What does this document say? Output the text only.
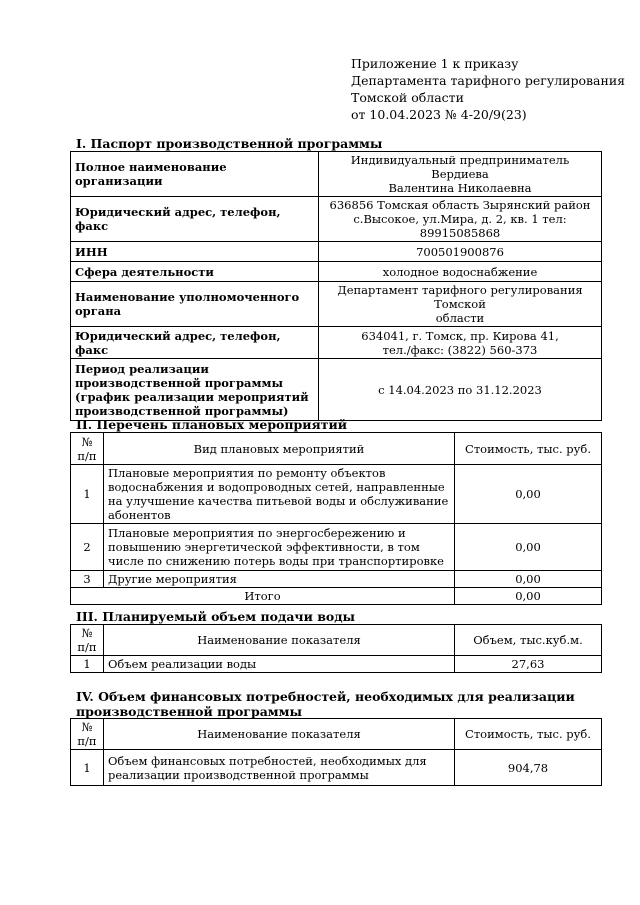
Приложение 1 к приказу
Департамента тарифного регулирования
Томской области
от 10.04.2023 № 4-20/9(23)
I. Паспорт производственной программы
Полное наименование организации	Индивидуальный предприниматель Вердиева
Валентина Николаевна

Юридический адрес, телефон, факс	636856 Томская область Зырянский район
с.Высокое, ул.Мира, д. 2, кв. 1 тел: 89915085868

ИНН	700501900876
Сфера деятельности	холодное водоснабжение
Наименование уполномоченного органа	Департамент тарифного регулирования Томской
области

Юридический адрес, телефон, факс	634041, г. Томск, пр. Кирова 41,
тел./факс: (3822) 560-373

Период реализации производственной программы (график реализации мероприятий производственной программы)	с 14.04.2023 по 31.12.2023
II. Перечень плановых мероприятий
№ п/п	Вид плановых мероприятий	Стоимость, тыс. руб.
1	Плановые мероприятия по ремонту объектов водоснабжения и водопроводных сетей, направленные на улучшение качества питьевой воды и обслуживание абонентов	0,00
2	Плановые мероприятия по энергосбережению и повышению энергетической эффективности, в том числе по снижению потерь воды при транспортировке	0,00
3	Другие мероприятия	0,00
Итого		0,00
III. Планируемый объем подачи воды
№ п/п	Наименование показателя	Объем, тыс.куб.м.
1	Объем реализации воды	27,63
IV. Объем финансовых потребностей, необходимых для реализации производственной программы
№ п/п	Наименование показателя	Стоимость, тыс. руб.
1	Объем финансовых потребностей, необходимых для реализации производственной программы	904,78
